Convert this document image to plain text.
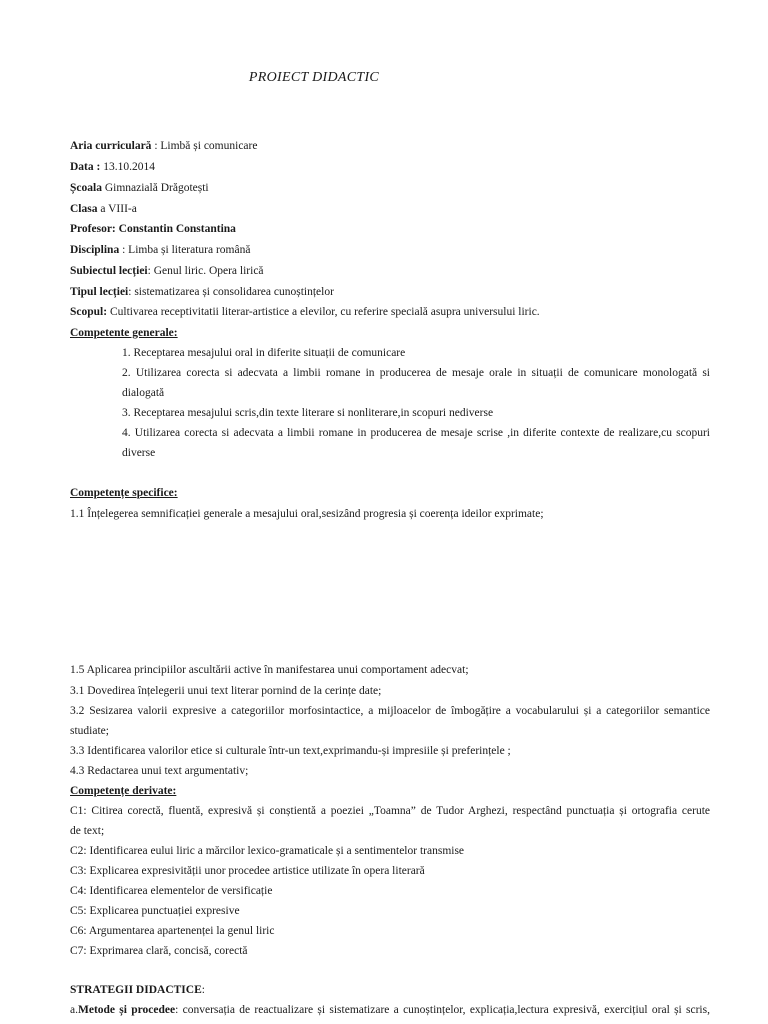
PROIECT DIDACTIC
Aria curriculară : Limbă și comunicare
Data : 13.10.2014
Școala Gimnazială Drăgotești
Clasa a VIII-a
Profesor: Constantin Constantina
Disciplina : Limba și literatura română
Subiectul lecției: Genul liric. Opera lirică
Tipul lecției: sistematizarea și consolidarea cunoștințelor
Scopul: Cultivarea receptivitatii literar-artistice a elevilor, cu referire specială asupra universului liric.
Competente generale:
1. Receptarea mesajului oral in diferite situații de comunicare
2. Utilizarea corecta si adecvata a limbii romane in producerea de mesaje orale in situații de comunicare monologată si
dialogată
3. Receptarea mesajului scris,din texte literare si nonliterare,in scopuri nediverse
4. Utilizarea corecta si adecvata a limbii romane in producerea de mesaje scrise ,in diferite contexte de realizare,cu scopuri
diverse
Competențe specifice:
1.1 Înțelegerea semnificației generale a mesajului oral,sesizând progresia și coerența ideilor exprimate;
1.5 Aplicarea principiilor ascultării active în manifestarea unui comportament adecvat;
3.1 Dovedirea înțelegerii unui text literar pornind de la cerințe date;
3.2 Sesizarea valorii expresive a categoriilor morfosintactice, a mijloacelor de îmbogățire a vocabularului și a categoriilor semantice
studiate;
3.3 Identificarea valorilor etice si culturale într-un text,exprimandu-și impresiile și preferințele ;
4.3 Redactarea unui text argumentativ;
Competențe derivate:
C1: Citirea corectă, fluentă, expresivă și conștientă a poeziei „Toamna” de Tudor Arghezi, respectând punctuația și ortografia cerute
de text;
C2: Identificarea eului liric a mărcilor lexico-gramaticale și a sentimentelor transmise
C3: Explicarea expresivității unor procedee artistice utilizate în opera literară
C4: Identificarea elementelor de versificație
C5: Explicarea punctuației expresive
C6: Argumentarea apartenenței la genul liric
C7: Exprimarea clară, concisă, corectă
STRATEGII DIDACTICE:
a.Metode și procedee: conversația de reactualizare și sistematizare a cunoștințelor, explicația,lectura expresivă, exercițiul oral și scris,
